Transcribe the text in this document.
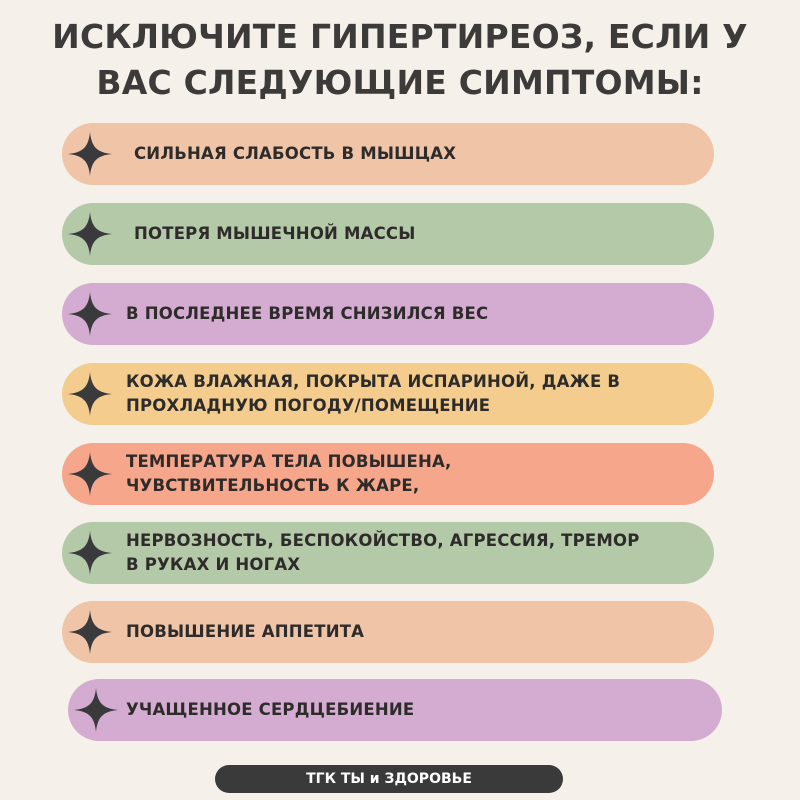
ИСКЛЮЧИТЕ ГИПЕРТИРЕОЗ, ЕСЛИ У
ВАС СЛЕДУЮЩИЕ СИМПТОМЫ:
СИЛЬНАЯ СЛАБОСТЬ В МЫШЦАХ
ПОТЕРЯ МЫШЕЧНОЙ МАССЫ
В ПОСЛЕДНЕЕ ВРЕМЯ СНИЗИЛСЯ ВЕС
КОЖА ВЛАЖНАЯ, ПОКРЫТА ИСПАРИНОЙ, ДАЖЕ В
ПРОХЛАДНУЮ ПОГОДУ/ПОМЕЩЕНИЕ
ТЕМПЕРАТУРА ТЕЛА ПОВЫШЕНА,
ЧУВСТВИТЕЛЬНОСТЬ К ЖАРЕ,
НЕРВОЗНОСТЬ, БЕСПОКОЙСТВО, АГРЕССИЯ, ТРЕМОР
В РУКАХ И НОГАХ
ПОВЫШЕНИЕ АППЕТИТА
УЧАЩЕННОЕ СЕРДЦЕБИЕНИЕ
ТГК ТЫ и ЗДОРОВЬЕ
